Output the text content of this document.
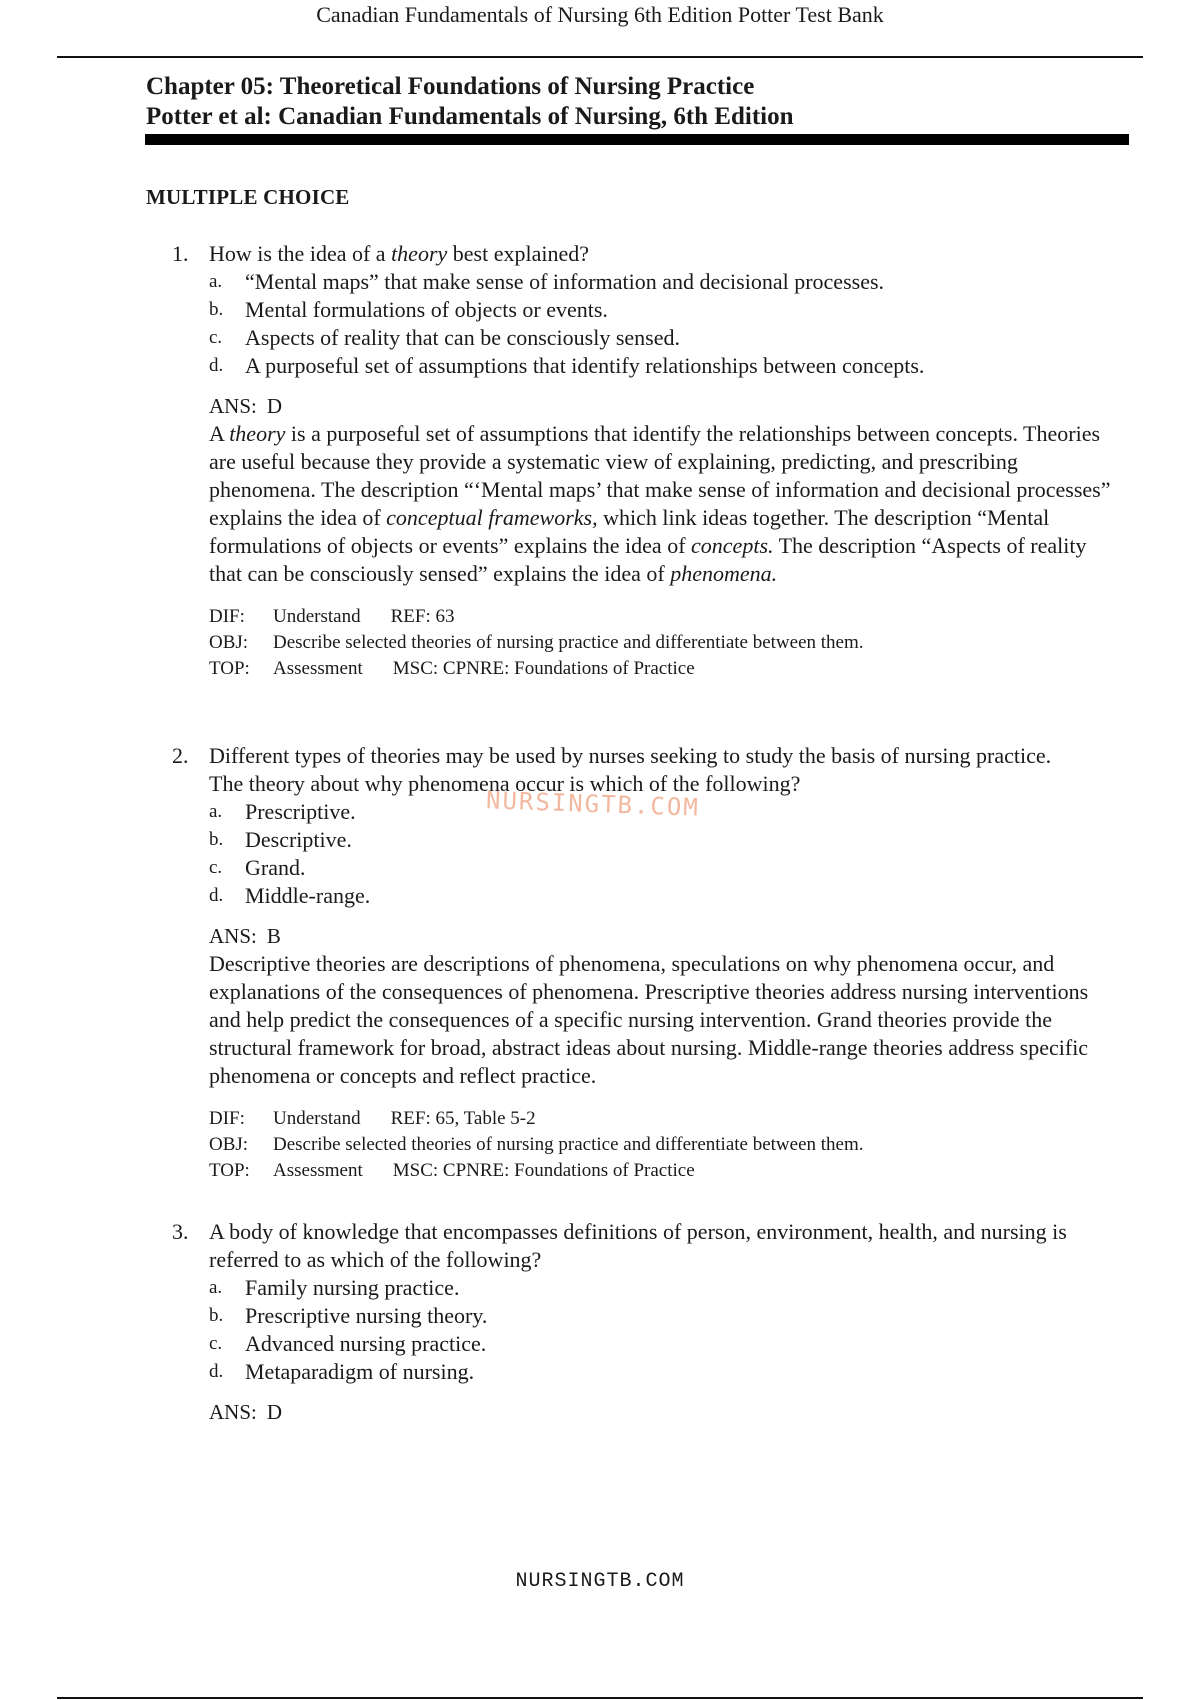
Canadian Fundamentals of Nursing 6th Edition Potter Test Bank
Chapter 05: Theoretical Foundations of Nursing Practice
Potter et al: Canadian Fundamentals of Nursing, 6th Edition
MULTIPLE CHOICE
1. How is the idea of a theory best explained?
a. “Mental maps” that make sense of information and decisional processes.
b. Mental formulations of objects or events.
c. Aspects of reality that can be consciously sensed.
d. A purposeful set of assumptions that identify relationships between concepts.
ANS: D
A theory is a purposeful set of assumptions that identify the relationships between concepts. Theories are useful because they provide a systematic view of explaining, predicting, and prescribing phenomena. The description “‘Mental maps’ that make sense of information and decisional processes” explains the idea of conceptual frameworks, which link ideas together. The description “Mental formulations of objects or events” explains the idea of concepts. The description “Aspects of reality that can be consciously sensed” explains the idea of phenomena.
DIF: Understand REF: 63
OBJ: Describe selected theories of nursing practice and differentiate between them.
TOP: Assessment MSC: CPNRE: Foundations of Practice
2. Different types of theories may be used by nurses seeking to study the basis of nursing practice. The theory about why phenomena occur is which of the following?
a. Prescriptive.
b. Descriptive.
c. Grand.
d. Middle-range.
ANS: B
Descriptive theories are descriptions of phenomena, speculations on why phenomena occur, and explanations of the consequences of phenomena. Prescriptive theories address nursing interventions and help predict the consequences of a specific nursing intervention. Grand theories provide the structural framework for broad, abstract ideas about nursing. Middle-range theories address specific phenomena or concepts and reflect practice.
DIF: Understand REF: 65, Table 5-2
OBJ: Describe selected theories of nursing practice and differentiate between them.
TOP: Assessment MSC: CPNRE: Foundations of Practice
3. A body of knowledge that encompasses definitions of person, environment, health, and nursing is referred to as which of the following?
a. Family nursing practice.
b. Prescriptive nursing theory.
c. Advanced nursing practice.
d. Metaparadigm of nursing.
ANS: D
NURSINGTB.COM
NURSINGTB.COM
